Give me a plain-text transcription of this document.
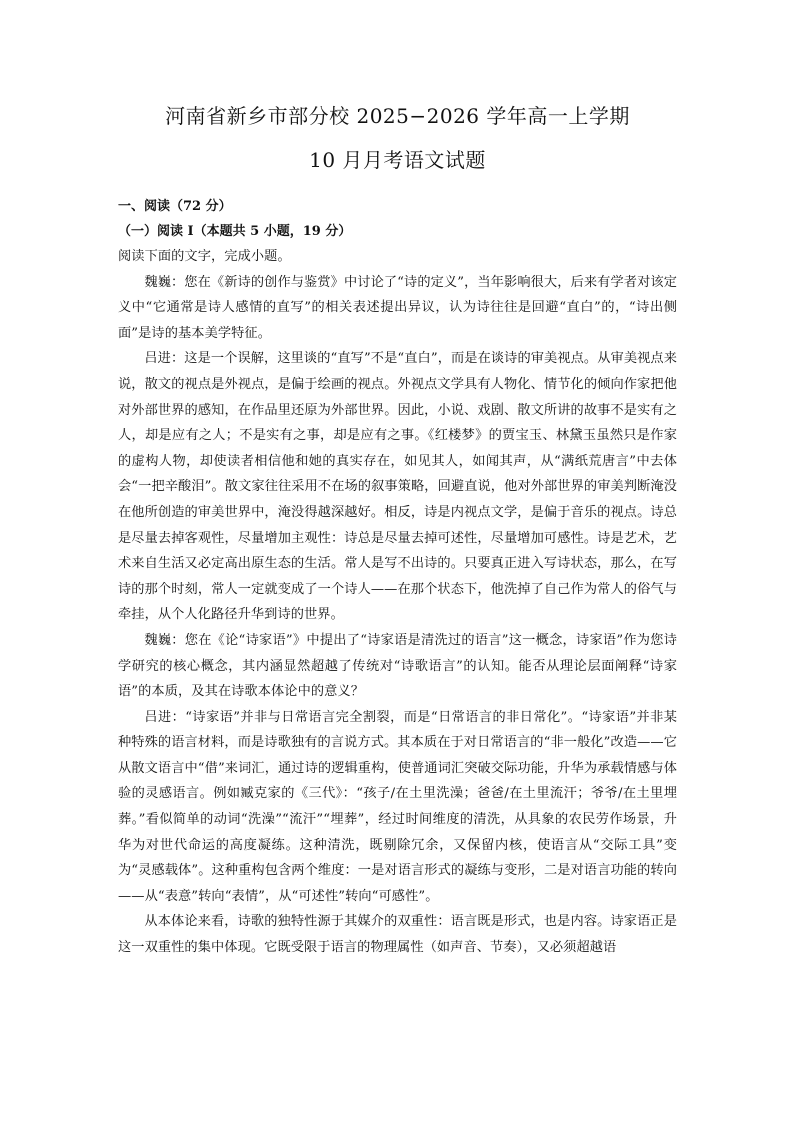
河南省新乡市部分校 2025−2026 学年高一上学期
10 月月考语文试题

一、阅读（72 分）

（一）阅读 I（本题共 5 小题，19 分）

阅读下面的文字，完成小题。

魏巍：您在《新诗的创作与鉴赏》中讨论了“诗的定义”，当年影响很大，后来有学者对该定义中“它通常是诗人感情的直写”的相关表述提出异议，认为诗往往是回避“直白”的，“诗出侧面”是诗的基本美学特征。

吕进：这是一个误解，这里谈的“直写”不是“直白”，而是在谈诗的审美视点。从审美视点来说，散文的视点是外视点，是偏于绘画的视点。外视点文学具有人物化、情节化的倾向作家把他对外部世界的感知，在作品里还原为外部世界。因此，小说、戏剧、散文所讲的故事不是实有之人，却是应有之人；不是实有之事，却是应有之事。《红楼梦》的贾宝玉、林黛玉虽然只是作家的虚构人物，却使读者相信他和她的真实存在，如见其人，如闻其声，从“满纸荒唐言”中去体会“一把辛酸泪”。散文家往往采用不在场的叙事策略，回避直说，他对外部世界的审美判断淹没在他所创造的审美世界中，淹没得越深越好。相反，诗是内视点文学，是偏于音乐的视点。诗总是尽量去掉客观性，尽量增加主观性：诗总是尽量去掉可述性，尽量增加可感性。诗是艺术，艺术来自生活又必定高出原生态的生活。常人是写不出诗的。只要真正进入写诗状态，那么，在写诗的那个时刻，常人一定就变成了一个诗人——在那个状态下，他洗掉了自己作为常人的俗气与牵挂，从个人化路径升华到诗的世界。

魏巍：您在《论“诗家语”》中提出了“诗家语是清洗过的语言”这一概念，诗家语”作为您诗学研究的核心概念，其内涵显然超越了传统对“诗歌语言”的认知。能否从理论层面阐释“诗家语”的本质，及其在诗歌本体论中的意义？

吕进：“诗家语”并非与日常语言完全割裂，而是“日常语言的非日常化”。“诗家语”并非某种特殊的语言材料，而是诗歌独有的言说方式。其本质在于对日常语言的“非一般化”改造——它从散文语言中“借”来词汇，通过诗的逻辑重构，使普通词汇突破交际功能，升华为承载情感与体验的灵感语言。例如臧克家的《三代》：“孩子/在土里洗澡；爸爸/在土里流汗；爷爷/在土里埋葬。”看似简单的动词“洗澡”“流汗”“埋葬”，经过时间维度的清洗，从具象的农民劳作场景，升华为对世代命运的高度凝练。这种清洗，既剔除冗余，又保留内核，使语言从“交际工具”变为“灵感载体”。这种重构包含两个维度：一是对语言形式的凝练与变形，二是对语言功能的转向——从“表意”转向“表情”，从“可述性”转向“可感性”。

从本体论来看，诗歌的独特性源于其媒介的双重性：语言既是形式，也是内容。诗家语正是这一双重性的集中体现。它既受限于语言的物理属性（如声音、节奏），又必须超越语
